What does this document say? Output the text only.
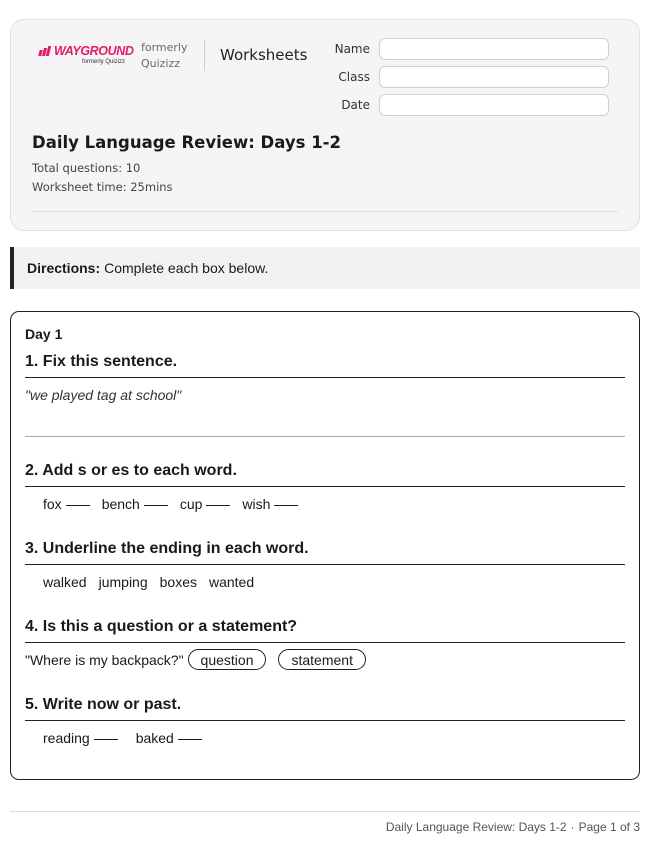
WAYGROUND
formerly Quizizz
formerly
Quizizz	Worksheets	Name
Class
Date
Daily Language Review: Days 1-2
Total questions: 10
Worksheet time: 25mins
Directions: Complete each box below.
Day 1
1. Fix this sentence.
"we played tag at school"
2. Add s or es to each word.
fox	bench	cup	wish
3. Underline the ending in each word.
walked jumping boxes wanted
4. Is this a question or a statement?
"Where is my backpack?"	question	statement
5. Write now or past.
reading	baked
Daily Language Review: Days 1-2 · Page 1 of 3
